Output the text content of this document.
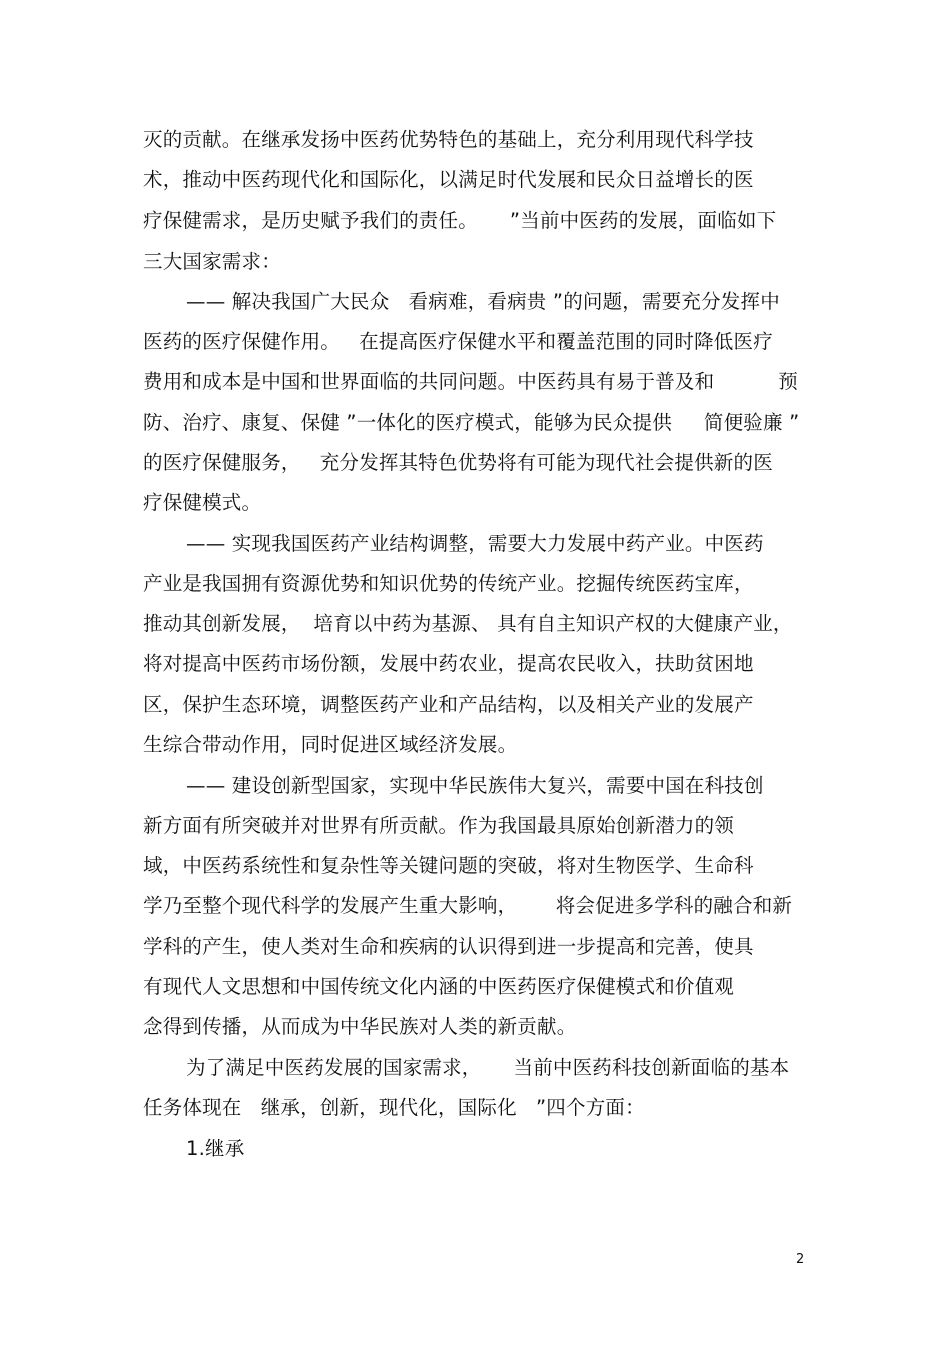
灭的贡献。在继承发扬中医药优势特色的基础上，充分利用现代科学技
术，推动中医药现代化和国际化，以满足时代发展和民众日益增长的医
疗保健需求，是历史赋予我们的责任。     ”当前中医药的发展，面临如下
三大国家需求：
—— 解决我国广大民众   看病难，看病贵 ”的问题，需要充分发挥中
医药的医疗保健作用。   在提高医疗保健水平和覆盖范围的同时降低医疗
费用和成本是中国和世界面临的共同问题。中医药具有易于普及和          预
防、治疗、康复、保健 ”一体化的医疗模式，能够为民众提供     简便验廉 ”
的医疗保健服务，   充分发挥其特色优势将有可能为现代社会提供新的医
疗保健模式。
—— 实现我国医药产业结构调整，需要大力发展中药产业。中医药
产业是我国拥有资源优势和知识优势的传统产业。挖掘传统医药宝库，
推动其创新发展，  培育以中药为基源、 具有自主知识产权的大健康产业，
将对提高中医药市场份额，发展中药农业，提高农民收入，扶助贫困地
区，保护生态环境，调整医药产业和产品结构，以及相关产业的发展产
生综合带动作用，同时促进区域经济发展。
—— 建设创新型国家，实现中华民族伟大复兴，需要中国在科技创
新方面有所突破并对世界有所贡献。作为我国最具原始创新潜力的领
域，中医药系统性和复杂性等关键问题的突破，将对生物医学、生命科
学乃至整个现代科学的发展产生重大影响，      将会促进多学科的融合和新
学科的产生，使人类对生命和疾病的认识得到进一步提高和完善，使具
有现代人文思想和中国传统文化内涵的中医药医疗保健模式和价值观
念得到传播，从而成为中华民族对人类的新贡献。
为了满足中医药发展的国家需求，     当前中医药科技创新面临的基本
任务体现在   继承，创新，现代化，国际化   ”四个方面：
1.继承
2
